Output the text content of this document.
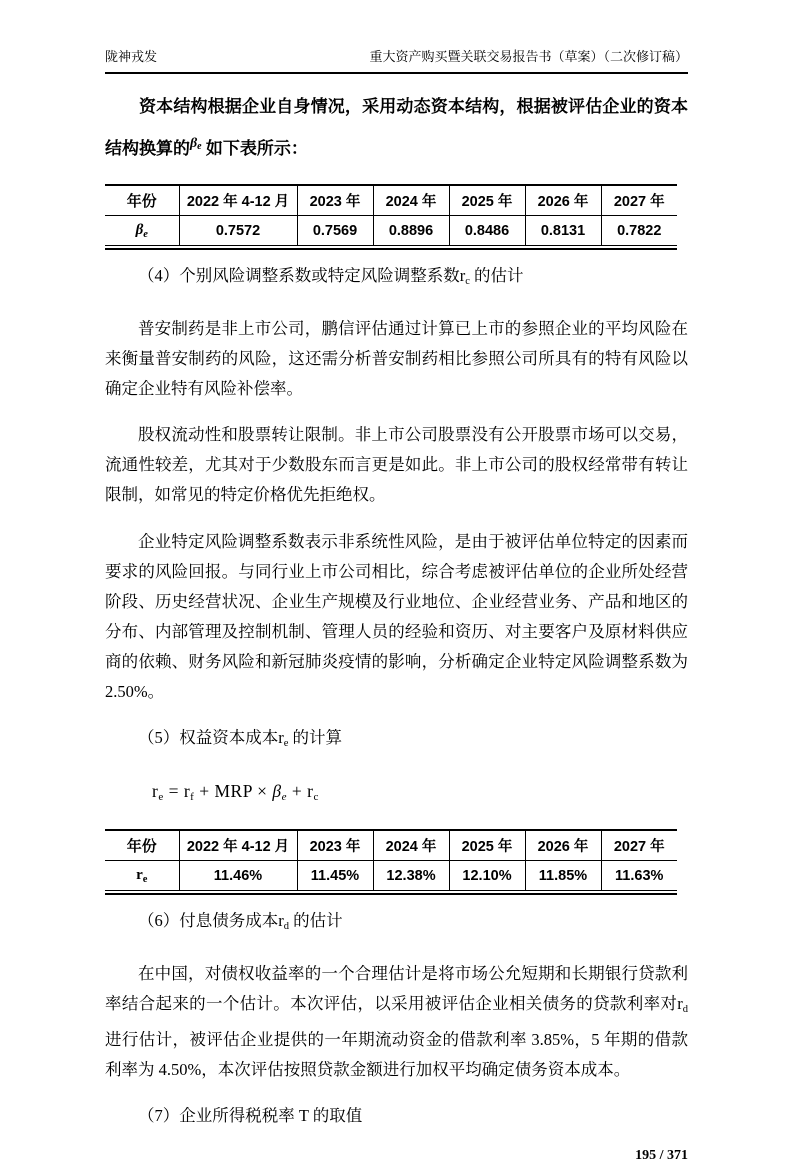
陇神戎发	重大资产购买暨关联交易报告书（草案）（二次修订稿）

资本结构根据企业自身情况，采用动态资本结构，根据被评估企业的资本结构换算的$^{\beta_e}$ 如下表所示：

年份	2022 年 4-12 月	2023 年	2024 年	2025 年	2026 年	2027 年
$\beta_e$	0.7572	0.7569	0.8896	0.8486	0.8131	0.7822

（4）个别风险调整系数或特定风险调整系数$r_c$ 的估计

普安制药是非上市公司，鹏信评估通过计算已上市的参照企业的平均风险在来衡量普安制药的风险，这还需分析普安制药相比参照公司所具有的特有风险以确定企业特有风险补偿率。

股权流动性和股票转让限制。非上市公司股票没有公开股票市场可以交易，流通性较差，尤其对于少数股东而言更是如此。非上市公司的股权经常带有转让限制，如常见的特定价格优先拒绝权。

企业特定风险调整系数表示非系统性风险，是由于被评估单位特定的因素而要求的风险回报。与同行业上市公司相比，综合考虑被评估单位的企业所处经营阶段、历史经营状况、企业生产规模及行业地位、企业经营业务、产品和地区的分布、内部管理及控制机制、管理人员的经验和资历、对主要客户及原材料供应商的依赖、财务风险和新冠肺炎疫情的影响，分析确定企业特定风险调整系数为 2.50%。

（5）权益资本成本$r_e$ 的计算

$r_e = r_f$ + MRP × $\beta_e + r_c$

年份	2022 年 4-12 月	2023 年	2024 年	2025 年	2026 年	2027 年
$r_e$	11.46%	11.45%	12.38%	12.10%	11.85%	11.63%

（6）付息债务成本$r_d$ 的估计

在中国，对债权收益率的一个合理估计是将市场公允短期和长期银行贷款利率结合起来的一个估计。本次评估，以采用被评估企业相关债务的贷款利率对$r_d$进行估计，被评估企业提供的一年期流动资金的借款利率 3.85%，5 年期的借款利率为 4.50%，本次评估按照贷款金额进行加权平均确定债务资本成本。

（7）企业所得税税率 T 的取值

195 / 371
